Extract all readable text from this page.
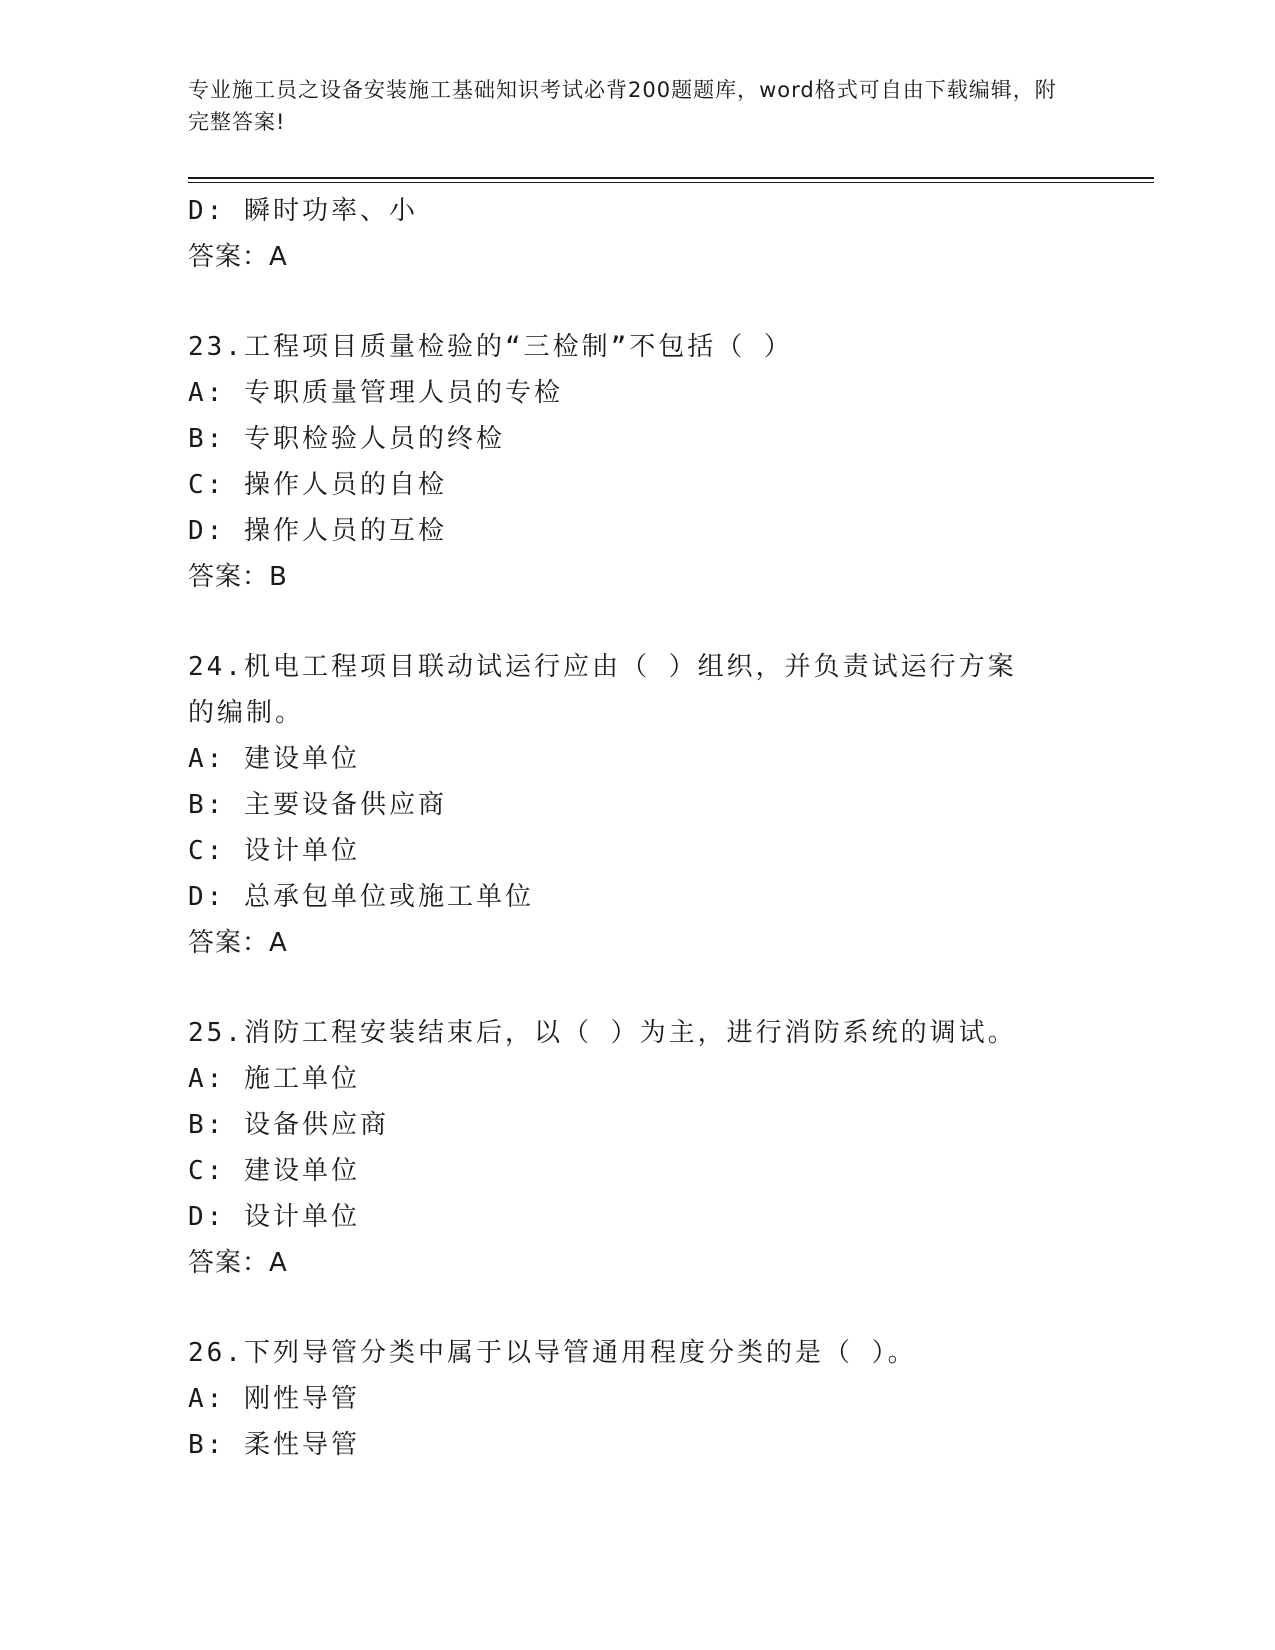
专业施工员之设备安装施工基础知识考试必背200题题库，word格式可自由下载编辑，附完整答案!
D: 瞬时功率、小
答案：A
23.工程项目质量检验的“三检制”不包括（ ）
A: 专职质量管理人员的专检
B: 专职检验人员的终检
C: 操作人员的自检
D: 操作人员的互检
答案：B
24.机电工程项目联动试运行应由（ ）组织，并负责试运行方案的编制。
A: 建设单位
B: 主要设备供应商
C: 设计单位
D: 总承包单位或施工单位
答案：A
25.消防工程安装结束后，以（ ）为主，进行消防系统的调试。
A: 施工单位
B: 设备供应商
C: 建设单位
D: 设计单位
答案：A
26.下列导管分类中属于以导管通用程度分类的是（ ）。
A: 刚性导管
B: 柔性导管
